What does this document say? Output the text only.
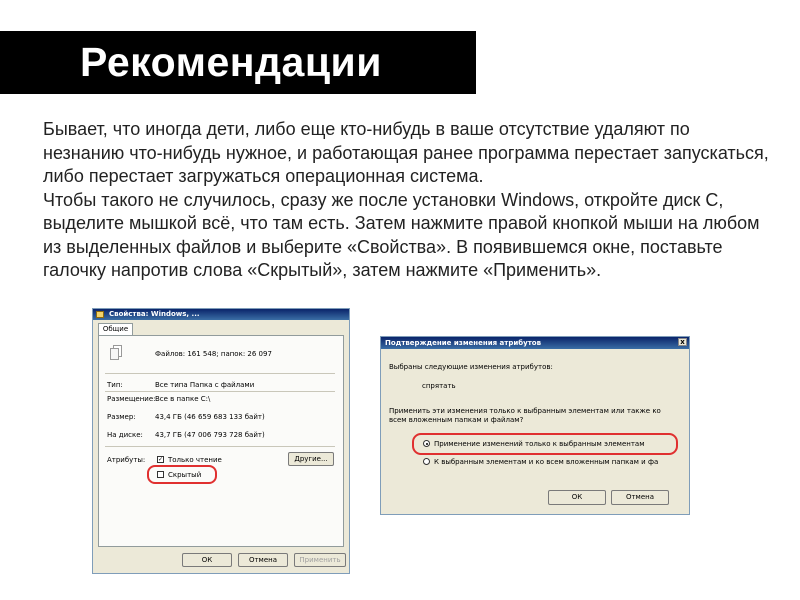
Рекомендации

Бывает, что иногда дети, либо еще кто-нибудь в ваше отсутствие удаляют по незнанию что-нибудь нужное, и работающая ранее программа перестает запускаться, либо перестает загружаться операционная система.

Чтобы такого не случилось, сразу же после установки Windows, откройте диск С, выделите мышкой всё, что там есть. Затем нажмите правой кнопкой мыши на любом из выделенных файлов и выберите «Свойства». В появившемся окне, поставьте галочку напротив слова «Скрытый», затем нажмите «Применить».

Свойства: Windows, ...
Общие
Файлов: 161 548; папок: 26 097
Тип:	Все типа Папка с файлами
Размещение: Все в папке C:\
Размер:	43,4 ГБ (46 659 683 133 байт)
На диске: 43,7 ГБ (47 006 793 728 байт)
Атрибуты: ✓ Только чтение	Другие...
Скрытый
ОК	Отмена	Применить
Подтверждение изменения атрибутов	x
Выбраны следующие изменения атрибутов:
спрятать
Применить эти изменения только к выбранным элементам или также ко всем вложенным папкам и файлам?
Применение изменений только к выбранным элементам
К выбранным элементам и ко всем вложенным папкам и фа
ОК	Отмена
